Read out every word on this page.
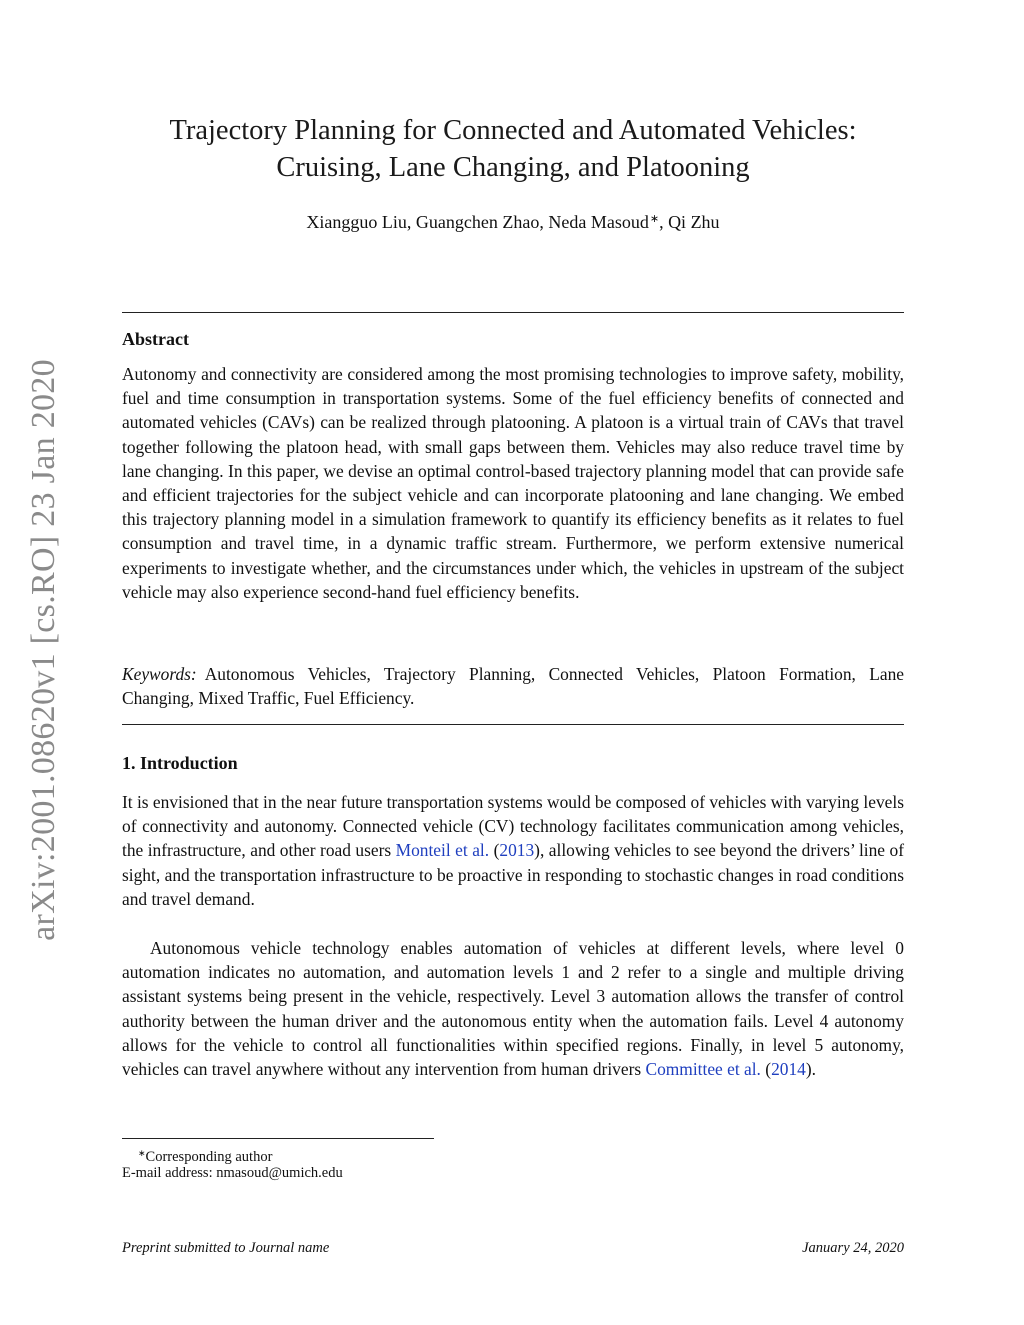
arXiv:2001.08620v1 [cs.RO] 23 Jan 2020
Trajectory Planning for Connected and Automated Vehicles:
Cruising, Lane Changing, and Platooning
Xiangguo Liu, Guangchen Zhao, Neda Masoud∗, Qi Zhu
Abstract

Autonomy and connectivity are considered among the most promising technologies to improve safety, mobility, fuel and time consumption in transportation systems. Some of the fuel efficiency benefits of connected and automated vehicles (CAVs) can be realized through platooning. A platoon is a virtual train of CAVs that travel together following the platoon head, with small gaps between them. Vehicles may also reduce travel time by lane changing. In this paper, we devise an optimal control-based trajectory planning model that can provide safe and efficient trajectories for the subject vehicle and can incorporate platooning and lane changing. We embed this trajectory planning model in a simulation framework to quantify its efficiency benefits as it relates to fuel consumption and travel time, in a dynamic traffic stream. Furthermore, we perform extensive numerical experiments to investigate whether, and the circumstances under which, the vehicles in upstream of the subject vehicle may also experience second-hand fuel efficiency benefits.

Keywords: Autonomous Vehicles, Trajectory Planning, Connected Vehicles, Platoon Formation, Lane Changing, Mixed Traffic, Fuel Efficiency.

1. Introduction

It is envisioned that in the near future transportation systems would be composed of vehicles with varying levels of connectivity and autonomy. Connected vehicle (CV) technology facilitates communication among vehicles, the infrastructure, and other road users Monteil et al. (2013), allowing vehicles to see beyond the drivers’ line of sight, and the transportation infrastructure to be proactive in responding to stochastic changes in road conditions and travel demand.

Autonomous vehicle technology enables automation of vehicles at different levels, where level 0 automation indicates no automation, and automation levels 1 and 2 refer to a single and multiple driving assistant systems being present in the vehicle, respectively. Level 3 automation allows the transfer of control authority between the human driver and the autonomous entity when the automation fails. Level 4 autonomy allows for the vehicle to control all functionalities within specified regions. Finally, in level 5 autonomy, vehicles can travel anywhere without any intervention from human drivers Committee et al. (2014).

∗Corresponding author
E-mail address: nmasoud@umich.edu
Preprint submitted to Journal name	January 24, 2020
